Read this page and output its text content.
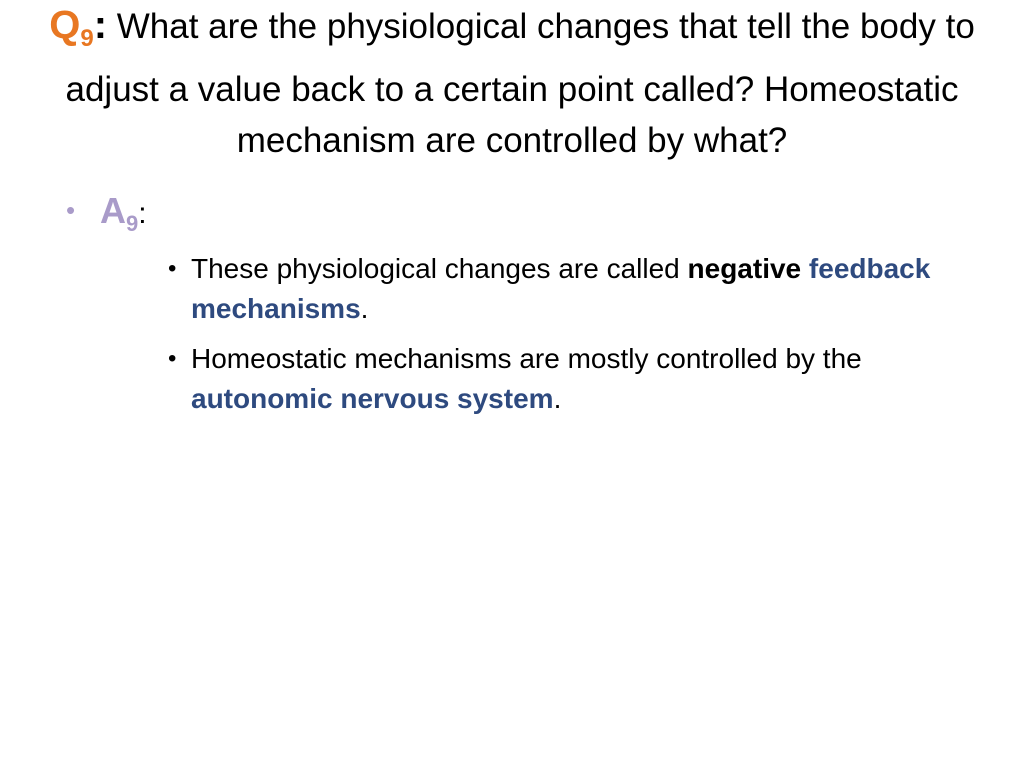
$Q_9$: What are the physiological changes that tell the body to adjust a value back to a certain point called? Homeostatic mechanism are controlled by what?
• $A_9$:
• These physiological changes are called negative feedback mechanisms.
• Homeostatic mechanisms are mostly controlled by the autonomic nervous system.
